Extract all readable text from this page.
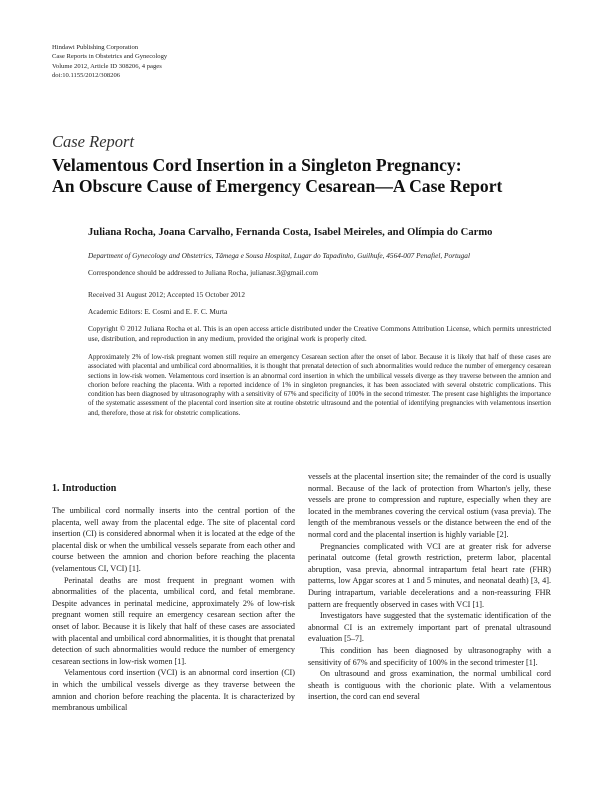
Hindawi Publishing Corporation
Case Reports in Obstetrics and Gynecology
Volume 2012, Article ID 308206, 4 pages
doi:10.1155/2012/308206
Case Report
Velamentous Cord Insertion in a Singleton Pregnancy:
An Obscure Cause of Emergency Cesarean—A Case Report
Juliana Rocha, Joana Carvalho, Fernanda Costa, Isabel Meireles, and Olímpia do Carmo
Department of Gynecology and Obstetrics, Tâmega e Sousa Hospital, Lugar do Tapadinho, Guilhufe, 4564-007 Penafiel, Portugal
Correspondence should be addressed to Juliana Rocha, julianasr.3@gmail.com
Received 31 August 2012; Accepted 15 October 2012
Academic Editors: E. Cosmi and E. F. C. Murta
Copyright © 2012 Juliana Rocha et al. This is an open access article distributed under the Creative Commons Attribution License, which permits unrestricted use, distribution, and reproduction in any medium, provided the original work is properly cited.
Approximately 2% of low-risk pregnant women still require an emergency Cesarean section after the onset of labor. Because it is likely that half of these cases are associated with placental and umbilical cord abnormalities, it is thought that prenatal detection of such abnormalities would reduce the number of emergency cesarean sections in low-risk women. Velamentous cord insertion is an abnormal cord insertion in which the umbilical vessels diverge as they traverse between the amnion and chorion before reaching the placenta. With a reported incidence of 1% in singleton pregnancies, it has been associated with several obstetric complications. This condition has been diagnosed by ultrasonography with a sensitivity of 67% and specificity of 100% in the second trimester. The present case highlights the importance of the systematic assessment of the placental cord insertion site at routine obstetric ultrasound and the potential of identifying pregnancies with velamentous insertion and, therefore, those at risk for obstetric complications.
1. Introduction

The umbilical cord normally inserts into the central portion of the placenta, well away from the placental edge. The site of placental cord insertion (CI) is considered abnormal when it is located at the edge of the placental disk or when the umbilical vessels separate from each other and course between the amnion and chorion before reaching the placenta (velamentous CI, VCI) [1].

Perinatal deaths are most frequent in pregnant women with abnormalities of the placenta, umbilical cord, and fetal membrane. Despite advances in perinatal medicine, approximately 2% of low-risk pregnant women still require an emergency cesarean section after the onset of labor. Because it is likely that half of these cases are associated with placental and umbilical cord abnormalities, it is thought that prenatal detection of such abnormalities would reduce the number of emergency cesarean sections in low-risk women [1].

Velamentous cord insertion (VCI) is an abnormal cord insertion (CI) in which the umbilical vessels diverge as they traverse between the amnion and chorion before reaching the placenta. It is characterized by membranous umbilical

vessels at the placental insertion site; the remainder of the cord is usually normal. Because of the lack of protection from Wharton's jelly, these vessels are prone to compression and rupture, especially when they are located in the membranes covering the cervical ostium (vasa previa). The length of the membranous vessels or the distance between the end of the normal cord and the placental insertion is highly variable [2].

Pregnancies complicated with VCI are at greater risk for adverse perinatal outcome (fetal growth restriction, preterm labor, placental abruption, vasa previa, abnormal intrapartum fetal heart rate (FHR) patterns, low Apgar scores at 1 and 5 minutes, and neonatal death) [3, 4]. During intrapartum, variable decelerations and a non-reassuring FHR pattern are frequently observed in cases with VCI [1].

Investigators have suggested that the systematic identification of the abnormal CI is an extremely important part of prenatal ultrasound evaluation [5–7].

This condition has been diagnosed by ultrasonography with a sensitivity of 67% and specificity of 100% in the second trimester [1].

On ultrasound and gross examination, the normal umbilical cord sheath is contiguous with the chorionic plate. With a velamentous insertion, the cord can end several
